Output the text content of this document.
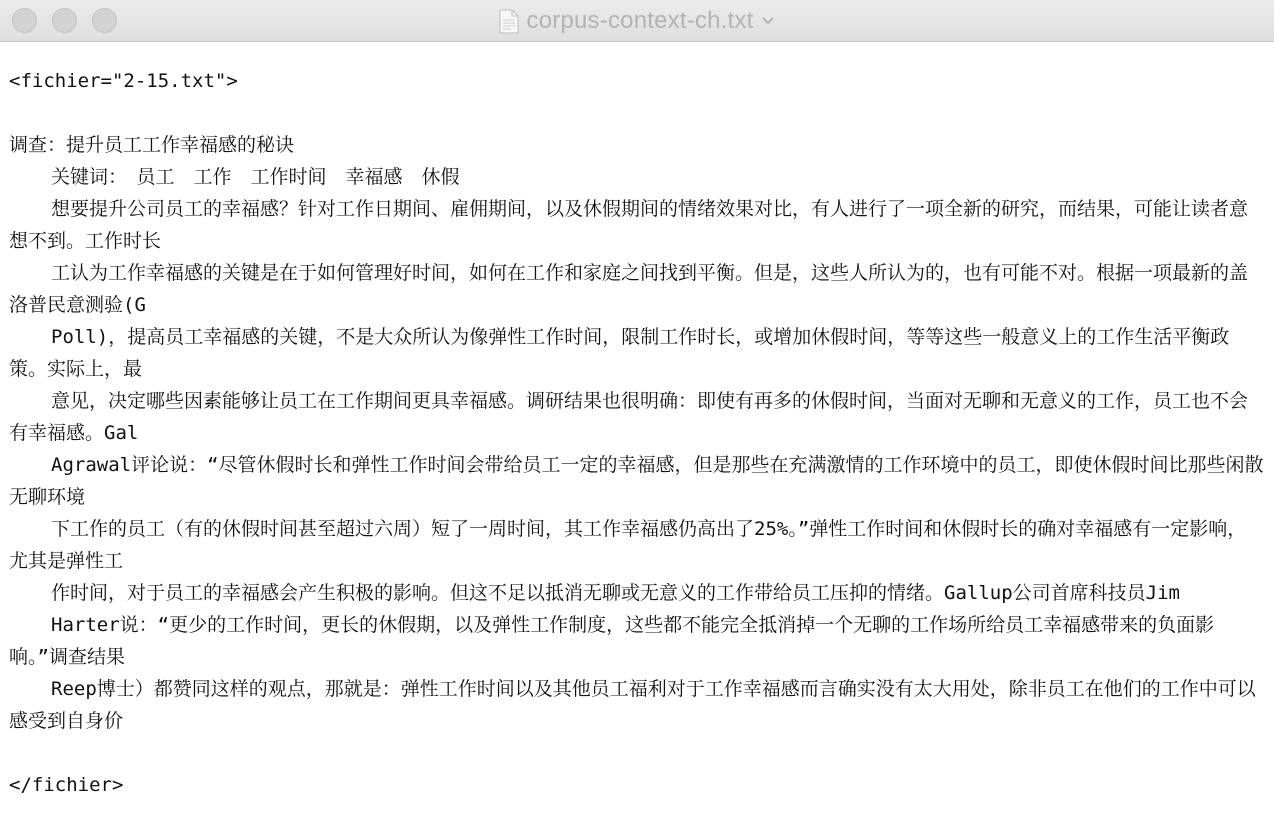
corpus-context-ch.txt
<fichier="2-15.txt">
调查：提升员工工作幸福感的秘诀
关键词：　员工　工作　工作时间　幸福感　休假
想要提升公司员工的幸福感？针对工作日期间、雇佣期间，以及休假期间的情绪效果对比，有人进行了一项全新的研究，而结果，可能让读者意想不到。工作时长
工认为工作幸福感的关键是在于如何管理好时间，如何在工作和家庭之间找到平衡。但是，这些人所认为的，也有可能不对。根据一项最新的盖洛普民意测验(G
Poll)，提高员工幸福感的关键，不是大众所认为像弹性工作时间，限制工作时长，或增加休假时间，等等这些一般意义上的工作生活平衡政策。实际上，最
意见，决定哪些因素能够让员工在工作期间更具幸福感。调研结果也很明确：即使有再多的休假时间，当面对无聊和无意义的工作，员工也不会有幸福感。Gal
Agrawal评论说：“尽管休假时长和弹性工作时间会带给员工一定的幸福感，但是那些在充满激情的工作环境中的员工，即使休假时间比那些闲散无聊环境
下工作的员工（有的休假时间甚至超过六周）短了一周时间，其工作幸福感仍高出了25%。”弹性工作时间和休假时长的确对幸福感有一定影响，尤其是弹性工
作时间，对于员工的幸福感会产生积极的影响。但这不足以抵消无聊或无意义的工作带给员工压抑的情绪。Gallup公司首席科技员Jim
Harter说：“更少的工作时间，更长的休假期，以及弹性工作制度，这些都不能完全抵消掉一个无聊的工作场所给员工幸福感带来的负面影响。”调查结果
Reep博士）都赞同这样的观点，那就是：弹性工作时间以及其他员工福利对于工作幸福感而言确实没有太大用处，除非员工在他们的工作中可以感受到自身价
</fichier>
